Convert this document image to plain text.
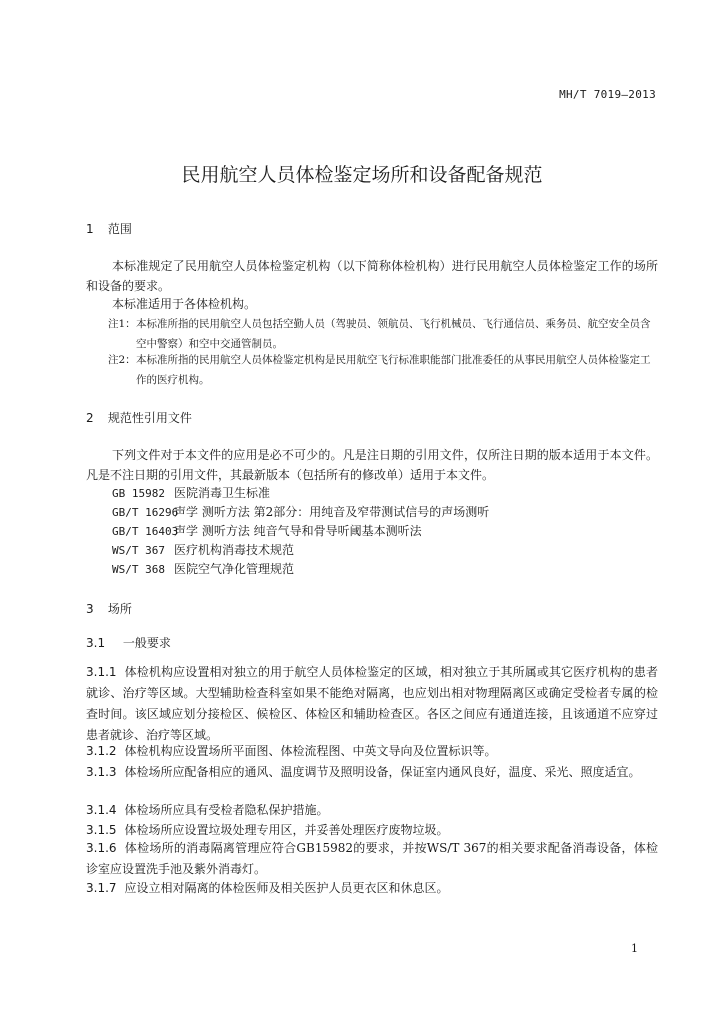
MH/T 7019—2013
民用航空人员体检鉴定场所和设备配备规范
1 范围
本标准规定了民用航空人员体检鉴定机构（以下简称体检机构）进行民用航空人员体检鉴定工作的场所和设备的要求。
本标准适用于各体检机构。
注1： 本标准所指的民用航空人员包括空勤人员（驾驶员、领航员、飞行机械员、飞行通信员、乘务员、航空安全员含空中警察）和空中交通管制员。
注2： 本标准所指的民用航空人员体检鉴定机构是民用航空飞行标准职能部门批准委任的从事民用航空人员体检鉴定工作的医疗机构。
2 规范性引用文件
下列文件对于本文件的应用是必不可少的。凡是注日期的引用文件，仅所注日期的版本适用于本文件。凡是不注日期的引用文件，其最新版本（包括所有的修改单）适用于本文件。
GB 15982 医院消毒卫生标准
GB/T 16296声学 测听方法 第2部分：用纯音及窄带测试信号的声场测听
GB/T 16403声学 测听方法 纯音气导和骨导听阈基本测听法
WS/T 367 医疗机构消毒技术规范
WS/T 368 医院空气净化管理规范
3 场所
3.1 一般要求
3.1.1 体检机构应设置相对独立的用于航空人员体检鉴定的区域，相对独立于其所属或其它医疗机构的患者就诊、治疗等区域。大型辅助检查科室如果不能绝对隔离，也应划出相对物理隔离区或确定受检者专属的检查时间。该区域应划分接检区、候检区、体检区和辅助检查区。各区之间应有通道连接，且该通道不应穿过患者就诊、治疗等区域。
3.1.2 体检机构应设置场所平面图、体检流程图、中英文导向及位置标识等。
3.1.3 体检场所应配备相应的通风、温度调节及照明设备，保证室内通风良好，温度、采光、照度适宜。
3.1.4 体检场所应具有受检者隐私保护措施。
3.1.5 体检场所应设置垃圾处理专用区，并妥善处理医疗废物垃圾。
3.1.6 体检场所的消毒隔离管理应符合GB15982的要求，并按WS/T 367的相关要求配备消毒设备，体检诊室应设置洗手池及紫外消毒灯。
3.1.7 应设立相对隔离的体检医师及相关医护人员更衣区和休息区。
1
